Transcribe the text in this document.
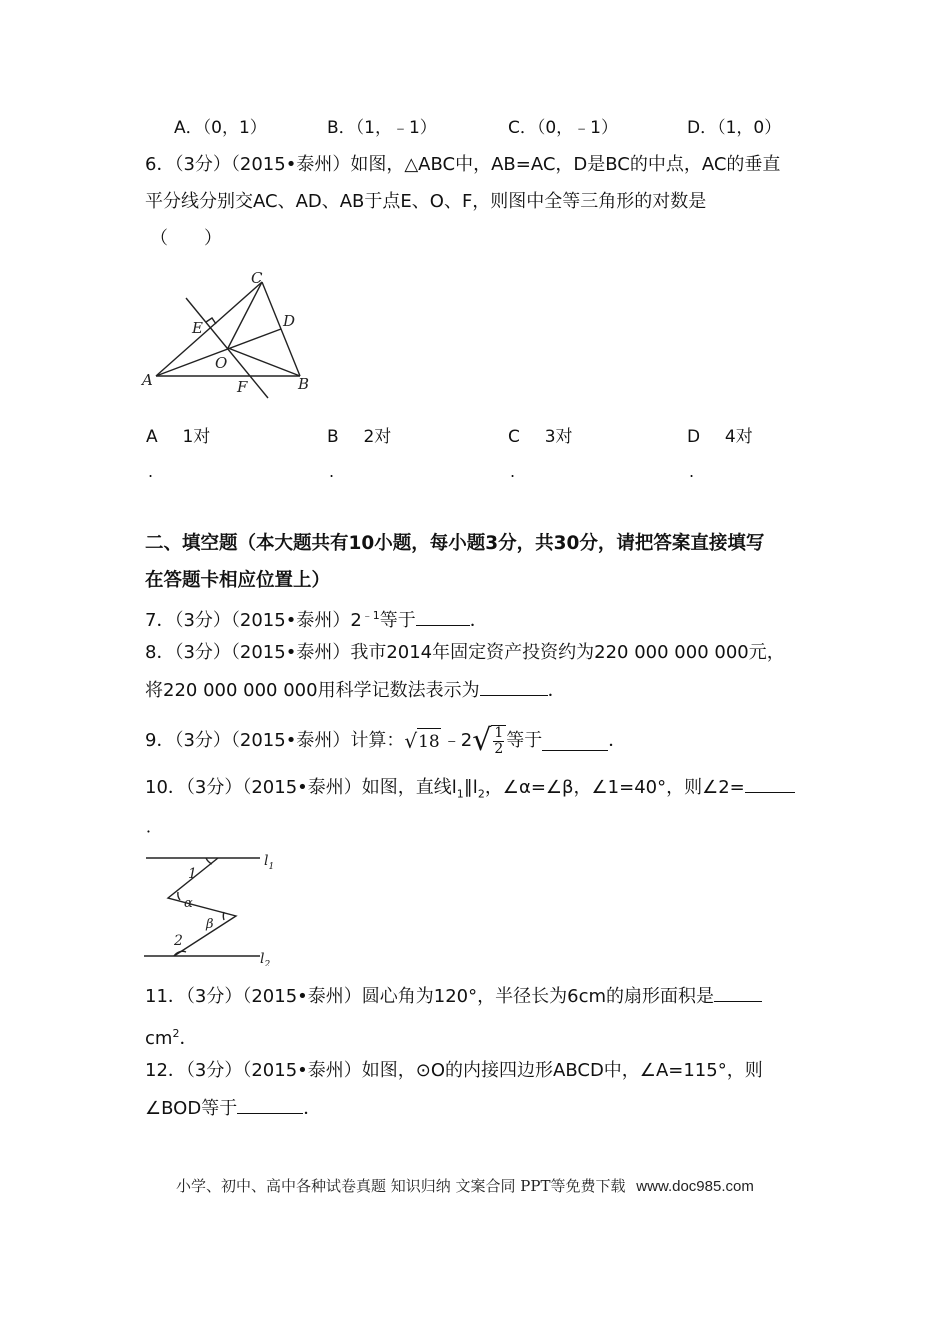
A．（0，1）	B．（1，﹣1）	C．（0，﹣1）	D．（1，0）
6．（3分）（2015•泰州）如图，△ABC中，AB=AC，D是BC的中点，AC的垂直
平分线分别交AC、AD、AB于点E、O、F，则图中全等三角形的对数是
（　　）
C
D
E
O
A	F	B
A 1对
.
B 2对
.
C 3对
.
D 4对
.
二、填空题（本大题共有10小题，每小题3分，共30分，请把答案直接填写
在答题卡相应位置上）
7．（3分）（2015•泰州）$2^{﹣1}$等于	．
8．（3分）（2015•泰州）我市2014年固定资产投资约为220 000 000 000元，
将220 000 000 000用科学记数法表示为	．
9．（3分）（2015•泰州）计算： √ 18 ﹣2 √ $\frac{1}{2}$ 等于	．
10．（3分）（2015•泰州）如图，直线$l_1\parallel l_2$，∠α=∠β，∠1=40°，则∠2=
．
$l_1$
$l_2$
1
α
β
2
11．（3分）（2015•泰州）圆心角为120°，半径长为6cm的扇形面积是
$cm^2$．
12．（3分）（2015•泰州）如图，⊙O的内接四边形ABCD中，∠A=115°，则
∠BOD等于	．
小学、初中、高中各种试卷真题 知识归纳 文案合同 PPT等免费下载 www.doc985.com
